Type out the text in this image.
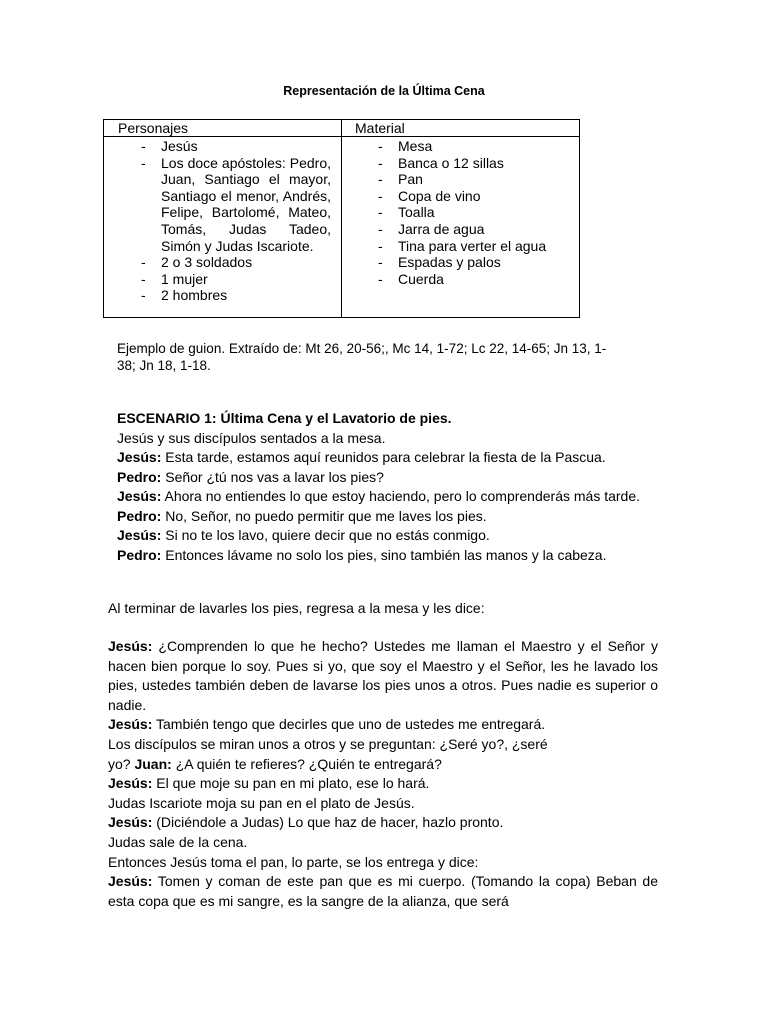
Representación de la Última Cena
Personajes	Material
- Jesús
- Los doce apóstoles: Pedro, Juan, Santiago el mayor, Santiago el menor, Andrés, Felipe, Bartolomé, Mateo, Tomás, Judas Tadeo, Simón y Judas Iscariote.
- 2 o 3 soldados
- 1 mujer
- 2 hombres
- Mesa
- Banca o 12 sillas
- Pan
- Copa de vino
- Toalla
- Jarra de agua
- Tina para verter el agua
- Espadas y palos
- Cuerda

Ejemplo de guion. Extraído de: Mt 26, 20-56;, Mc 14, 1-72; Lc 22, 14-65; Jn 13, 1-

38; Jn 18, 1-18.

ESCENARIO 1: Última Cena y el Lavatorio de pies.

Jesús y sus discípulos sentados a la mesa.

Jesús: Esta tarde, estamos aquí reunidos para celebrar la fiesta de la Pascua.

Pedro: Señor ¿tú nos vas a lavar los pies?

Jesús: Ahora no entiendes lo que estoy haciendo, pero lo comprenderás más tarde.

Pedro: No, Señor, no puedo permitir que me laves los pies.

Jesús: Si no te los lavo, quiere decir que no estás conmigo.

Pedro: Entonces lávame no solo los pies, sino también las manos y la cabeza.

Al terminar de lavarles los pies, regresa a la mesa y les dice:

Jesús: ¿Comprenden lo que he hecho? Ustedes me llaman el Maestro y el Señor y hacen bien porque lo soy. Pues si yo, que soy el Maestro y el Señor, les he lavado los pies, ustedes también deben de lavarse los pies unos a otros. Pues nadie es superior o nadie.

Jesús: También tengo que decirles que uno de ustedes me entregará.

Los discípulos se miran unos a otros y se preguntan: ¿Seré yo?, ¿seré

yo? Juan: ¿A quién te refieres? ¿Quién te entregará?

Jesús: El que moje su pan en mi plato, ese lo hará.

Judas Iscariote moja su pan en el plato de Jesús.

Jesús: (Diciéndole a Judas) Lo que haz de hacer, hazlo pronto.

Judas sale de la cena.

Entonces Jesús toma el pan, lo parte, se los entrega y dice:

Jesús: Tomen y coman de este pan que es mi cuerpo. (Tomando la copa) Beban de esta copa que es mi sangre, es la sangre de la alianza, que será
